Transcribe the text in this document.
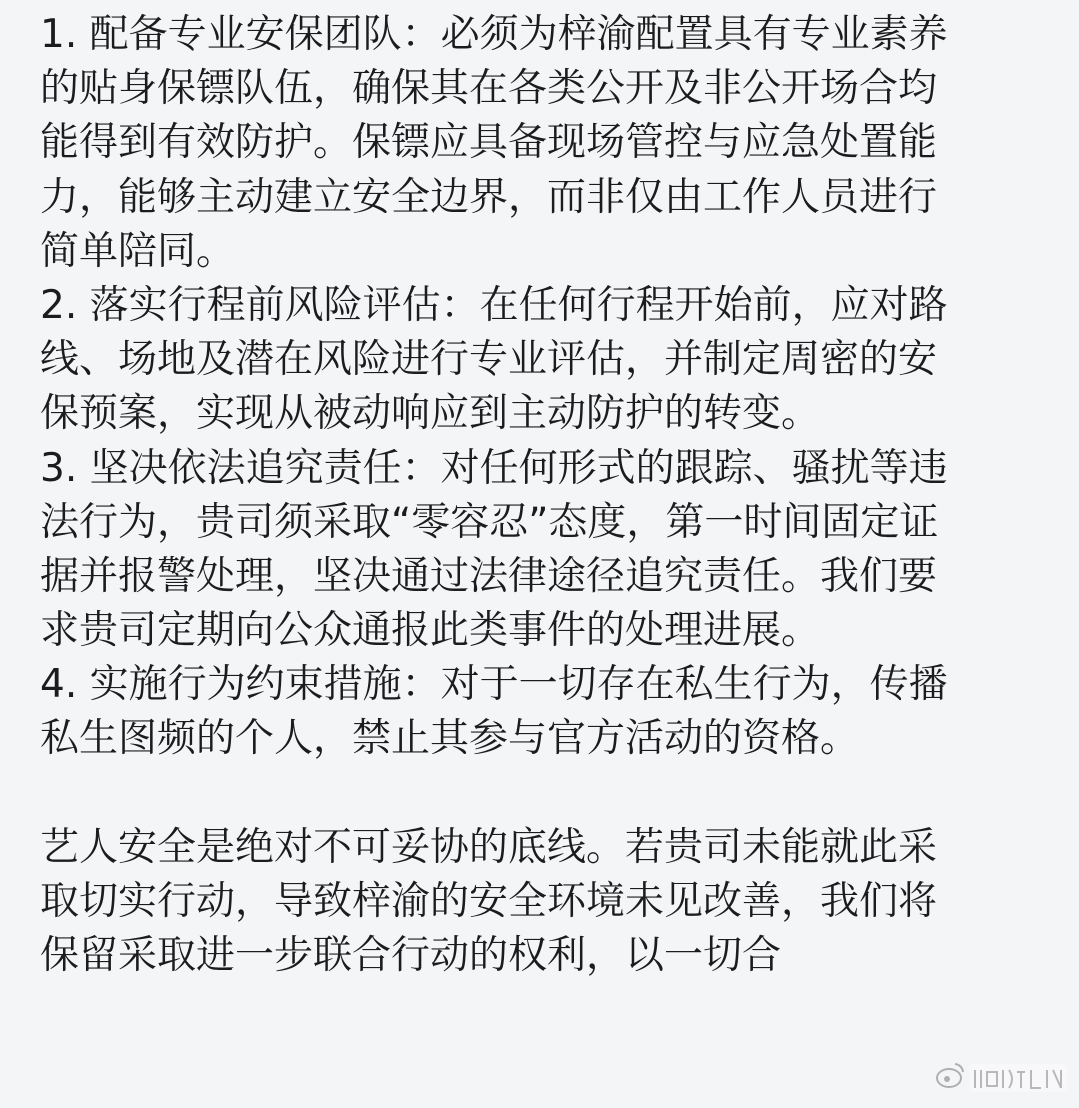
1. 配备专业安保团队：必须为梓渝配置具有专业素养
的贴身保镖队伍，确保其在各类公开及非公开场合均
能得到有效防护。保镖应具备现场管控与应急处置能
力，能够主动建立安全边界，而非仅由工作人员进行
简单陪同。
2. 落实行程前风险评估：在任何行程开始前，应对路
线、场地及潜在风险进行专业评估，并制定周密的安
保预案，实现从被动响应到主动防护的转变。
3. 坚决依法追究责任：对任何形式的跟踪、骚扰等违
法行为，贵司须采取“零容忍”态度，第一时间固定证
据并报警处理，坚决通过法律途径追究责任。我们要
求贵司定期向公众通报此类事件的处理进展。
4. 实施行为约束措施：对于一切存在私生行为，传播
私生图频的个人，禁止其参与官方活动的资格。
艺人安全是绝对不可妥协的底线。若贵司未能就此采
取切实行动，导致梓渝的安全环境未见改善，我们将
保留采取进一步联合行动的权利，以一切合
